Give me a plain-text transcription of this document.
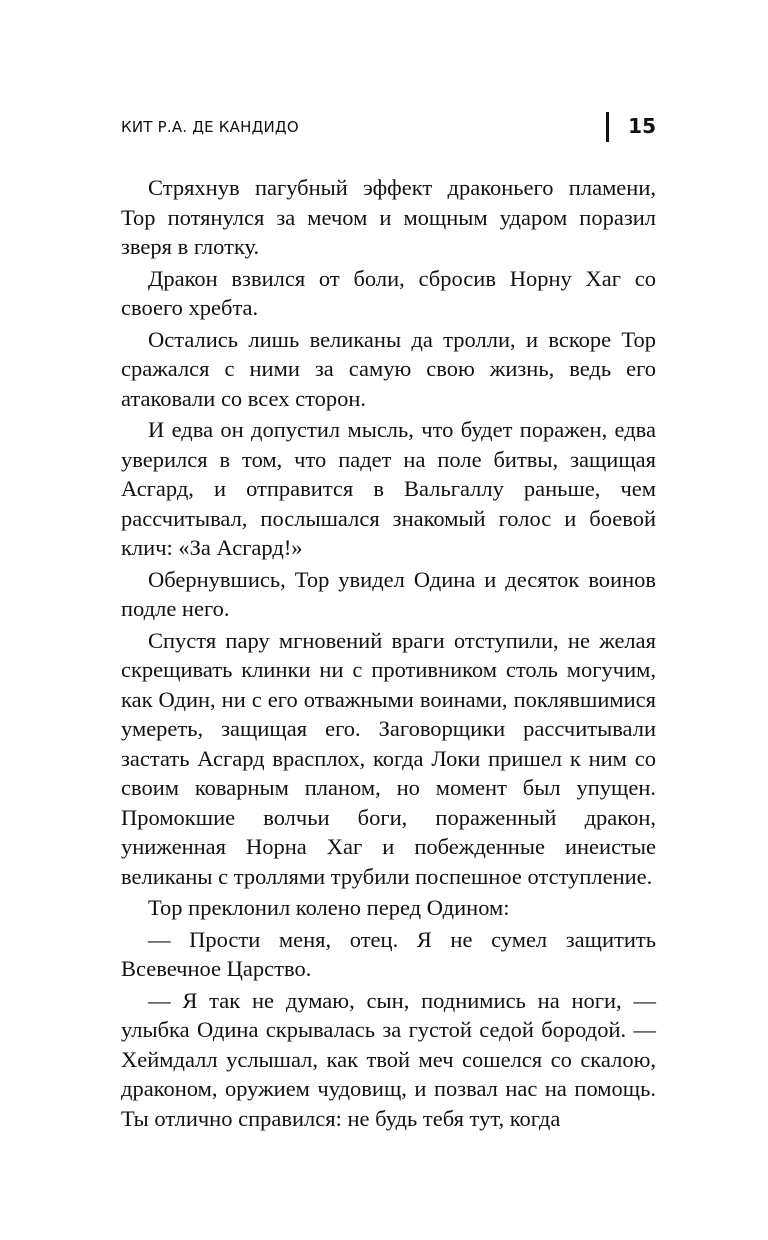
КИТ Р.А. ДЕ КАНДИДО	15

Стряхнув пагубный эффект драконьего пламени, Тор потянулся за мечом и мощным ударом поразил зверя в глотку.

Дракон взвился от боли, сбросив Норну Хаг со своего хребта.

Остались лишь великаны да тролли, и вскоре Тор сражался с ними за самую свою жизнь, ведь его атаковали со всех сторон.

И едва он допустил мысль, что будет поражен, едва уверился в том, что падет на поле битвы, защищая Асгард, и отправится в Вальгаллу раньше, чем рассчитывал, послышался знакомый голос и боевой клич: «За Асгард!»

Обернувшись, Тор увидел Одина и десяток воинов подле него.

Спустя пару мгновений враги отступили, не желая скрещивать клинки ни с противником столь могучим, как Один, ни с его отважными воинами, поклявшимися умереть, защищая его. Заговорщики рассчитывали застать Асгард врасплох, когда Локи пришел к ним со своим коварным планом, но момент был упущен. Промокшие волчьи боги, пораженный дракон, униженная Норна Хаг и побежденные инеистые великаны с троллями трубили поспешное отступление.

Тор преклонил колено перед Одином:

— Прости меня, отец. Я не сумел защитить Всевечное Царство.

— Я так не думаю, сын, поднимись на ноги, — улыбка Одина скрывалась за густой седой бородой. — Хеймдалл услышал, как твой меч сошелся со скалою, драконом, оружием чудовищ, и позвал нас на помощь. Ты отлично справился: не будь тебя тут, когда
